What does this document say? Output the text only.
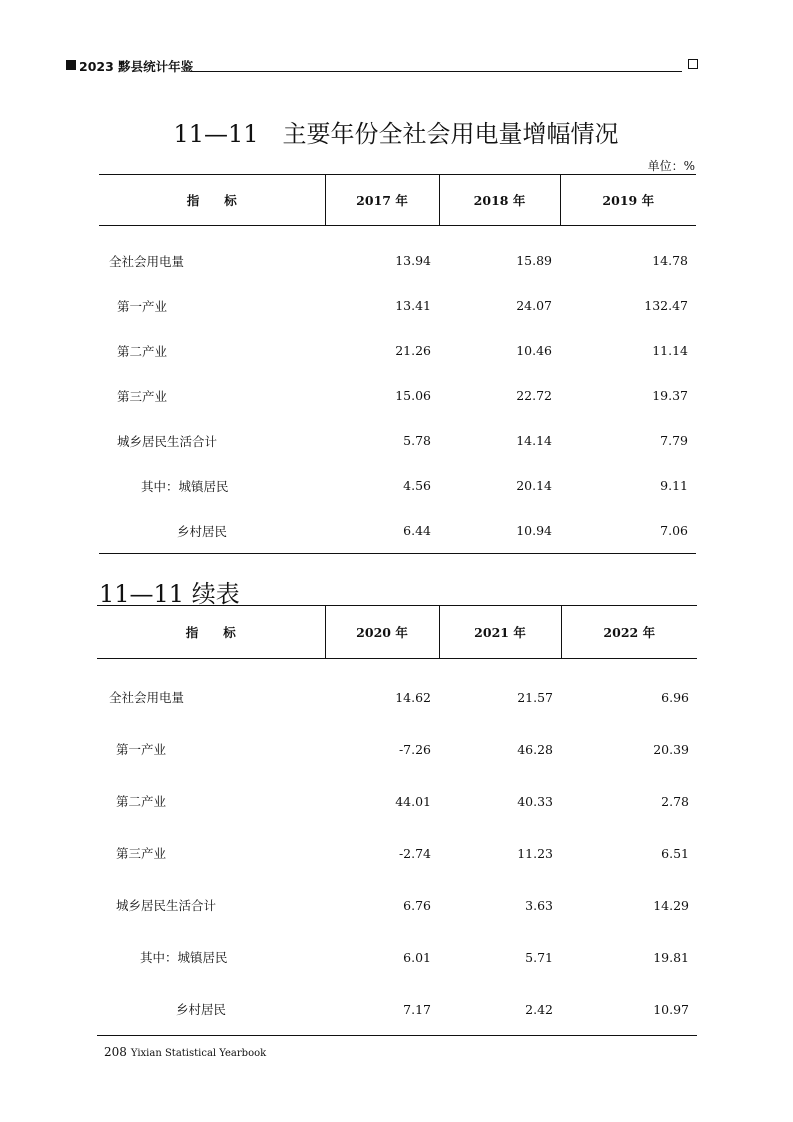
2023 黟县统计年鉴
11—11　主要年份全社会用电量增幅情况
单位：%
指　　标	2017 年	2018 年	2019 年
全社会用电量	13.94	15.89	14.78
第一产业	13.41	24.07	132.47
第二产业	21.26	10.46	11.14
第三产业	15.06	22.72	19.37
城乡居民生活合计	5.78	14.14	7.79
其中：城镇居民	4.56	20.14	9.11
乡村居民	6.44	10.94	7.06
11—11 续表
指　　标	2020 年	2021 年	2022 年
全社会用电量	14.62	21.57	6.96
第一产业	-7.26	46.28	20.39
第二产业	44.01	40.33	2.78
第三产业	-2.74	11.23	6.51
城乡居民生活合计	6.76	3.63	14.29
其中：城镇居民	6.01	5.71	19.81
乡村居民	7.17	2.42	10.97
208 Yixian Statistical Yearbook
